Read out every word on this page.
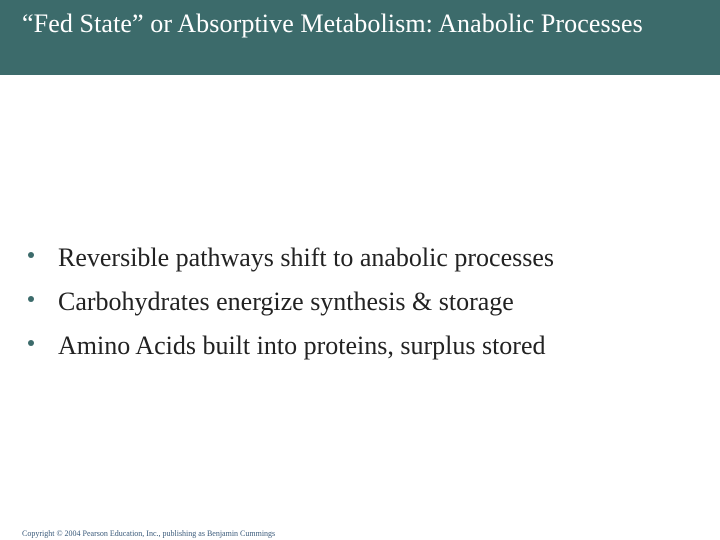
“Fed State” or Absorptive Metabolism: Anabolic Processes
Reversible pathways shift to anabolic processes
Carbohydrates energize synthesis & storage
Amino Acids built into proteins, surplus stored
Copyright © 2004 Pearson Education, Inc., publishing as Benjamin Cummings
